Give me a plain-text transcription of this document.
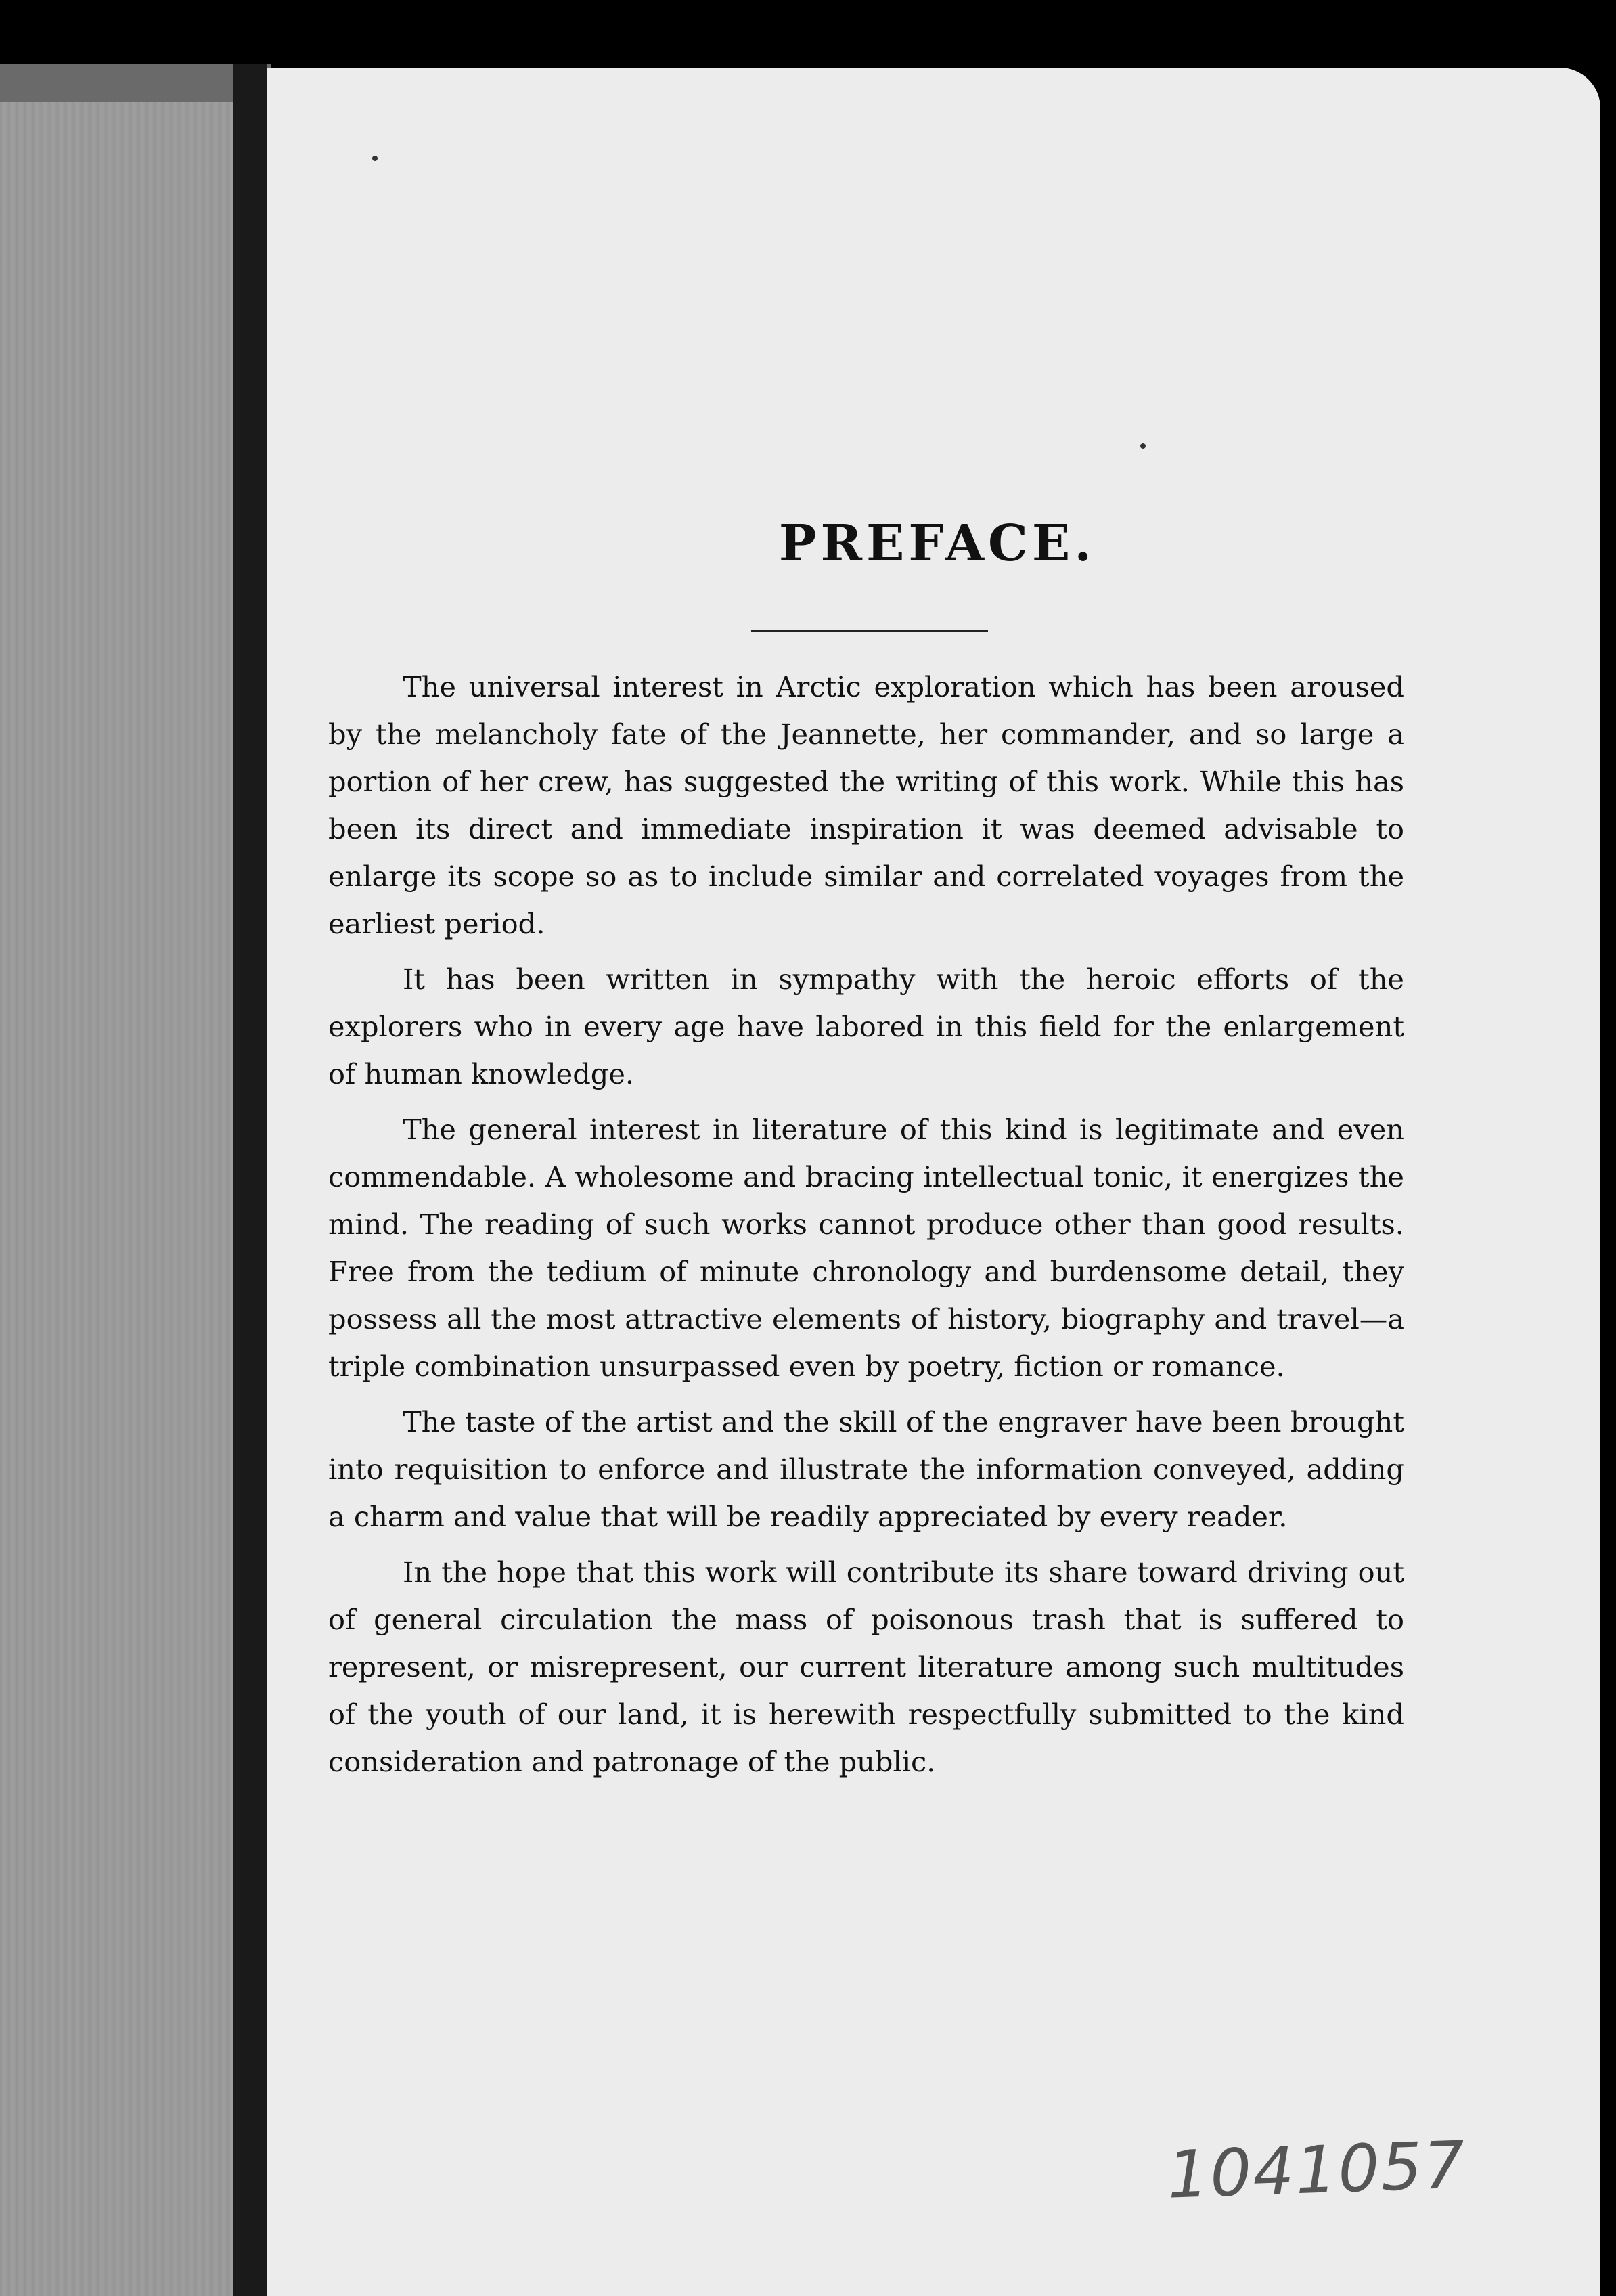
PREFACE.

The universal interest in Arctic exploration which has been aroused by the melancholy fate of the Jeannette, her commander, and so large a portion of her crew, has suggested the writing of this work. While this has been its direct and immediate inspiration it was deemed advisable to enlarge its scope so as to include similar and correlated voyages from the earliest period.

It has been written in sympathy with the heroic efforts of the explorers who in every age have labored in this field for the enlargement of human knowledge.

The general interest in literature of this kind is legitimate and even commendable. A wholesome and bracing intellectual tonic, it energizes the mind. The reading of such works cannot produce other than good results. Free from the tedium of minute chronology and burdensome detail, they possess all the most attractive elements of history, biography and travel—a triple combination unsurpassed even by poetry, fiction or romance.

The taste of the artist and the skill of the engraver have been brought into requisition to enforce and illustrate the information conveyed, adding a charm and value that will be readily appreciated by every reader.

In the hope that this work will contribute its share toward driving out of general circulation the mass of poisonous trash that is suffered to represent, or misrepresent, our current literature among such multitudes of the youth of our land, it is herewith respectfully submitted to the kind consideration and patronage of the public.

1041057
